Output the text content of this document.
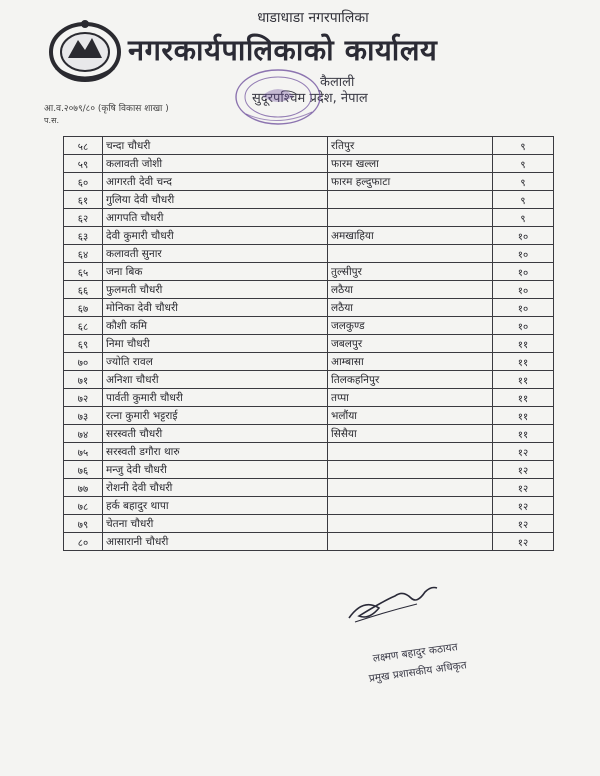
धाडाधाडा नगरपालिका
नगरकार्यपालिकाको कार्यालय
कैलाली
सुदूरपश्चिम प्रदेश, नेपाल
आ.व.२०७९/८० (कृषि विकास शाखा )
प.स.
५८	चन्दा चौधरी	रतिपुर	९
५९	कलावती जोशी	फारम खल्ला	९
६०	आगरती देवी चन्द	फारम हल्दुफाटा	९
६१	गुलिया देवी चौधरी		९
६२	आगपति चौधरी		९
६३	देवी कुमारी चौधरी	अमखाहिया	१०
६४	कलावती सुनार		१०
६५	जना बिक	तुल्सीपुर	१०
६६	फुलमती चौधरी	लठैया	१०
६७	मोनिका देवी चौधरी	लठैया	१०
६८	कौशी कमि	जलकुण्ड	१०
६९	निमा चौधरी	जबलपुर	११
७०	ज्योति रावल	आम्बासा	११
७१	अनिशा चौधरी	तिलकहनिपुर	११
७२	पार्वती कुमारी चौधरी	तप्पा	११
७३	रत्ना कुमारी भट्टराई	भलौंया	११
७४	सरस्वती चौधरी	सिसैया	११
७५	सरस्वती डगौरा थारु		१२
७६	मन्जु देवी चौधरी		१२
७७	रोशनी देवी चौधरी		१२
७८	हर्क बहादुर थापा		१२
७९	चेतना चौधरी		१२
८०	आसारानी चौधरी		१२
लक्ष्मण बहादुर कठायत
प्रमुख प्रशासकीय अधिकृत
